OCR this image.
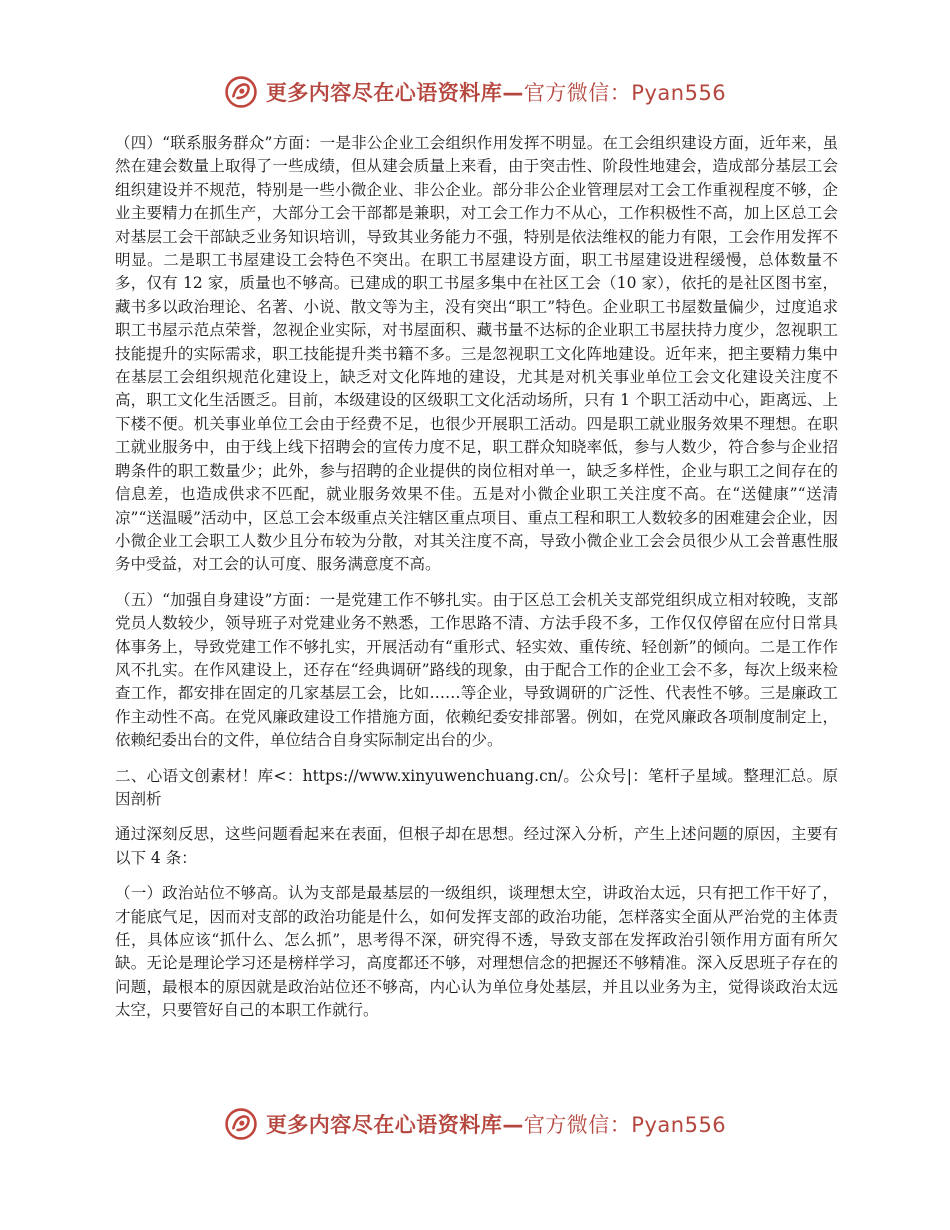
更多内容尽在心语资料库—官方微信：Pyan556

（四）“联系服务群众”方面：一是非公企业工会组织作用发挥不明显。在工会组织建设方面，近年来，虽然在建会数量上取得了一些成绩，但从建会质量上来看，由于突击性、阶段性地建会，造成部分基层工会组织建设并不规范，特别是一些小微企业、非公企业。部分非公企业管理层对工会工作重视程度不够，企业主要精力在抓生产，大部分工会干部都是兼职，对工会工作力不从心，工作积极性不高，加上区总工会对基层工会干部缺乏业务知识培训，导致其业务能力不强，特别是依法维权的能力有限，工会作用发挥不明显。二是职工书屋建设工会特色不突出。在职工书屋建设方面，职工书屋建设进程缓慢，总体数量不多，仅有 12 家，质量也不够高。已建成的职工书屋多集中在社区工会（10 家），依托的是社区图书室，藏书多以政治理论、名著、小说、散文等为主，没有突出“职工”特色。企业职工书屋数量偏少，过度追求职工书屋示范点荣誉，忽视企业实际，对书屋面积、藏书量不达标的企业职工书屋扶持力度少，忽视职工技能提升的实际需求，职工技能提升类书籍不多。三是忽视职工文化阵地建设。近年来，把主要精力集中在基层工会组织规范化建设上，缺乏对文化阵地的建设，尤其是对机关事业单位工会文化建设关注度不高，职工文化生活匮乏。目前，本级建设的区级职工文化活动场所，只有 1 个职工活动中心，距离远、上下楼不便。机关事业单位工会由于经费不足，也很少开展职工活动。四是职工就业服务效果不理想。在职工就业服务中，由于线上线下招聘会的宣传力度不足，职工群众知晓率低，参与人数少，符合参与企业招聘条件的职工数量少；此外，参与招聘的企业提供的岗位相对单一，缺乏多样性，企业与职工之间存在的信息差，也造成供求不匹配，就业服务效果不佳。五是对小微企业职工关注度不高。在“送健康”“送清凉”“送温暖”活动中，区总工会本级重点关注辖区重点项目、重点工程和职工人数较多的困难建会企业，因小微企业工会职工人数少且分布较为分散，对其关注度不高，导致小微企业工会会员很少从工会普惠性服务中受益，对工会的认可度、服务满意度不高。

（五）“加强自身建设”方面：一是党建工作不够扎实。由于区总工会机关支部党组织成立相对较晚，支部党员人数较少，领导班子对党建业务不熟悉，工作思路不清、方法手段不多，工作仅仅停留在应付日常具体事务上，导致党建工作不够扎实，开展活动有“重形式、轻实效、重传统、轻创新”的倾向。二是工作作风不扎实。在作风建设上，还存在“经典调研”路线的现象，由于配合工作的企业工会不多，每次上级来检查工作，都安排在固定的几家基层工会，比如……等企业，导致调研的广泛性、代表性不够。三是廉政工作主动性不高。在党风廉政建设工作措施方面，依赖纪委安排部署。例如，在党风廉政各项制度制定上，依赖纪委出台的文件，单位结合自身实际制定出台的少。

二、心语文创素材！库<：https://www.xinyuwenchuang.cn/。公众号|：笔杆子星域。整理汇总。原因剖析

通过深刻反思，这些问题看起来在表面，但根子却在思想。经过深入分析，产生上述问题的原因，主要有以下 4 条：

（一）政治站位不够高。认为支部是最基层的一级组织，谈理想太空，讲政治太远，只有把工作干好了，才能底气足，因而对支部的政治功能是什么，如何发挥支部的政治功能，怎样落实全面从严治党的主体责任，具体应该“抓什么、怎么抓”，思考得不深，研究得不透，导致支部在发挥政治引领作用方面有所欠缺。无论是理论学习还是榜样学习，高度都还不够，对理想信念的把握还不够精准。深入反思班子存在的问题，最根本的原因就是政治站位还不够高，内心认为单位身处基层，并且以业务为主，觉得谈政治太远太空，只要管好自己的本职工作就行。

更多内容尽在心语资料库—官方微信：Pyan556
